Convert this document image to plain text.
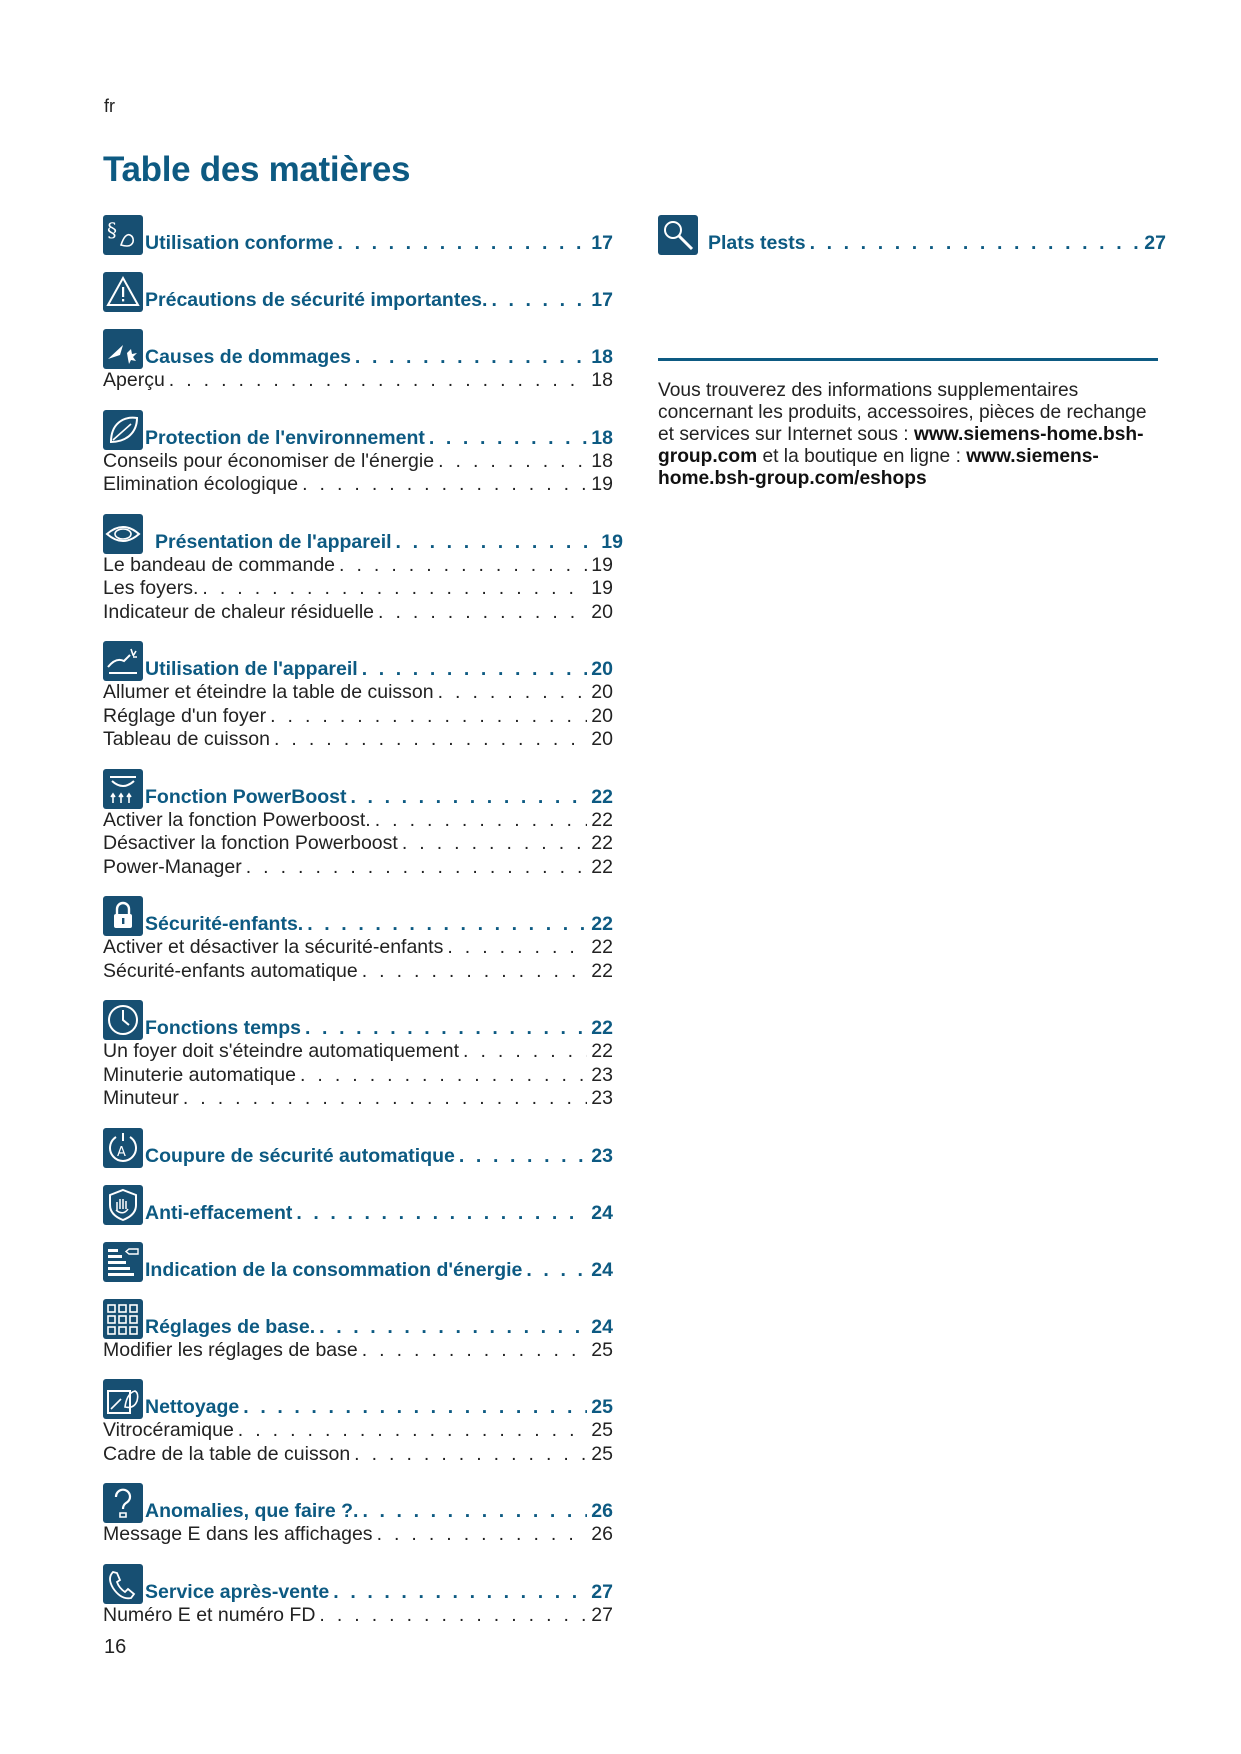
fr
Table des matières
§
Utilisation conforme . . .	17
Précautions de sécurité importantes. . . .	17
Causes de dommages . . .	18
Aperçu . . .	18
Protection de l'environnement . . .	18
Conseils pour économiser de l'énergie . . .	18
Elimination écologique . . .	19
Présentation de l'appareil . . .	19
Le bandeau de commande . . .	19
Les foyers. . . .	19
Indicateur de chaleur résiduelle . . .	20
Utilisation de l'appareil . . .	20
Allumer et éteindre la table de cuisson . . .	20
Réglage d'un foyer . . .	20
Tableau de cuisson . . .	20
Fonction PowerBoost . . .	22
Activer la fonction Powerboost. . . .	22
Désactiver la fonction Powerboost . . .	22
Power-Manager . . .	22
Sécurité-enfants. . . .	22
Activer et désactiver la sécurité-enfants . . .	22
Sécurité-enfants automatique . . .	22
Fonctions temps . . .	22
Un foyer doit s'éteindre automatiquement . . .	22
Minuterie automatique . . .	23
Minuteur . . .	23
A Coupure de sécurité automatique . . .	23
Anti-effacement . . .	24
Indication de la consommation d'énergie . . .	24
Réglages de base. . . .	24
Modifier les réglages de base . . .	25
Nettoyage . . .	25
Vitrocéramique . . .	25
Cadre de la table de cuisson . . .	25
Anomalies, que faire ?. . . .	26
Message E dans les affichages . . .	26
Service après-vente . . .	27
Numéro E et numéro FD . . .	27
Plats tests . . .	27

Vous trouverez des informations supplementaires concernant les produits, accessoires, pièces de rechange et services sur Internet sous : www.siemens-home.bsh-group.com et la boutique en ligne : www.siemens-home.bsh-group.com/eshops

16
